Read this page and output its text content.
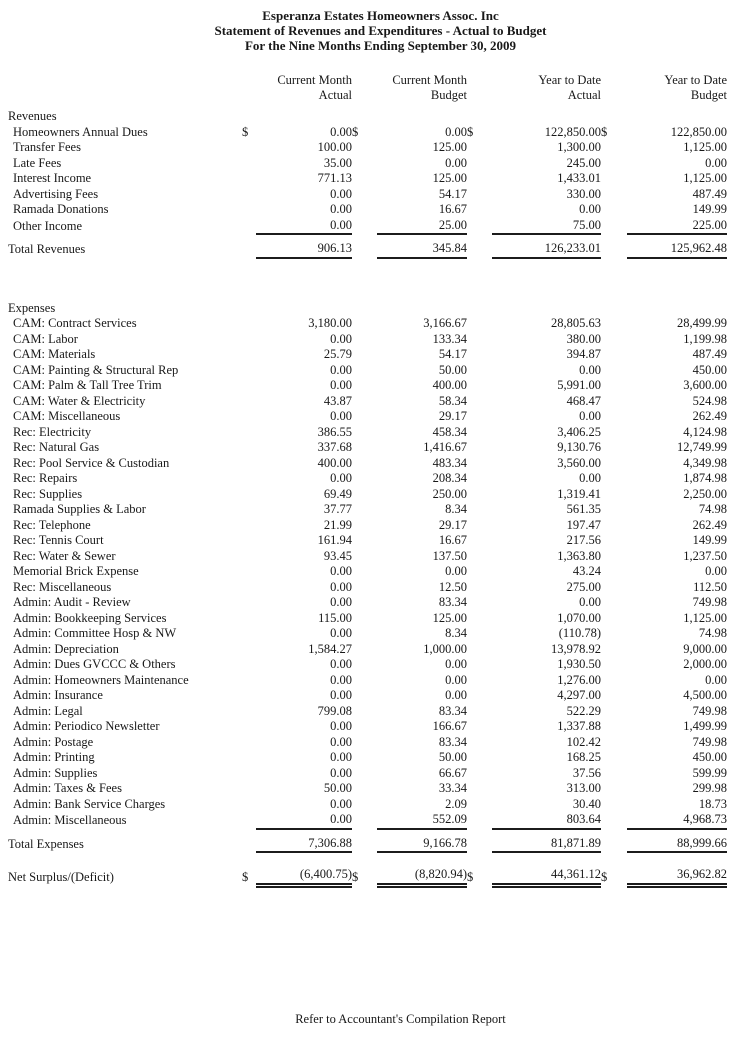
Esperanza Estates Homeowners Assoc. Inc
Statement of Revenues and Expenditures - Actual to Budget
For the Nine Months Ending September 30, 2009
	Current Month		Current Month		Year to Date		Year to Date	
	Actual		Budget		Actual		Budget	
Revenues								
Homeowners Annual Dues	$	0.00	$	0.00	$	122,850.00	$	122,850.00
Transfer Fees		100.00		125.00		1,300.00		1,125.00
Late Fees		35.00		0.00		245.00		0.00
Interest Income		771.13		125.00		1,433.01		1,125.00
Advertising Fees		0.00		54.17		330.00		487.49
Ramada Donations		0.00		16.67		0.00		149.99
Other Income		0.00		25.00		75.00		225.00

Total Revenues		906.13		345.84		126,233.01		125,962.48

Expenses								
CAM: Contract Services		3,180.00		3,166.67		28,805.63		28,499.99
CAM: Labor		0.00		133.34		380.00		1,199.98
CAM: Materials		25.79		54.17		394.87		487.49
CAM: Painting & Structural Rep		0.00		50.00		0.00		450.00
CAM: Palm & Tall Tree Trim		0.00		400.00		5,991.00		3,600.00
CAM: Water & Electricity		43.87		58.34		468.47		524.98
CAM: Miscellaneous		0.00		29.17		0.00		262.49
Rec: Electricity		386.55		458.34		3,406.25		4,124.98
Rec: Natural Gas		337.68		1,416.67		9,130.76		12,749.99
Rec: Pool Service & Custodian		400.00		483.34		3,560.00		4,349.98
Rec: Repairs		0.00		208.34		0.00		1,874.98
Rec: Supplies		69.49		250.00		1,319.41		2,250.00
Ramada Supplies & Labor		37.77		8.34		561.35		74.98
Rec: Telephone		21.99		29.17		197.47		262.49
Rec: Tennis Court		161.94		16.67		217.56		149.99
Rec: Water & Sewer		93.45		137.50		1,363.80		1,237.50
Memorial Brick Expense		0.00		0.00		43.24		0.00
Rec: Miscellaneous		0.00		12.50		275.00		112.50
Admin: Audit - Review		0.00		83.34		0.00		749.98
Admin: Bookkeeping Services		115.00		125.00		1,070.00		1,125.00
Admin: Committee Hosp & NW		0.00		8.34		(110.78)		74.98
Admin: Depreciation		1,584.27		1,000.00		13,978.92		9,000.00
Admin: Dues GVCCC & Others		0.00		0.00		1,930.50		2,000.00
Admin: Homeowners Maintenance		0.00		0.00		1,276.00		0.00
Admin: Insurance		0.00		0.00		4,297.00		4,500.00
Admin: Legal		799.08		83.34		522.29		749.98
Admin: Periodico Newsletter		0.00		166.67		1,337.88		1,499.99
Admin: Postage		0.00		83.34		102.42		749.98
Admin: Printing		0.00		50.00		168.25		450.00
Admin: Supplies		0.00		66.67		37.56		599.99
Admin: Taxes & Fees		50.00		33.34		313.00		299.98
Admin: Bank Service Charges		0.00		2.09		30.40		18.73
Admin: Miscellaneous		0.00		552.09		803.64		4,968.73

Total Expenses		7,306.88		9,166.78		81,871.89		88,999.66

Net Surplus/(Deficit)	$	(6,400.75)	$	(8,820.94)	$	44,361.12	$	36,962.82

Refer to Accountant's Compilation Report
